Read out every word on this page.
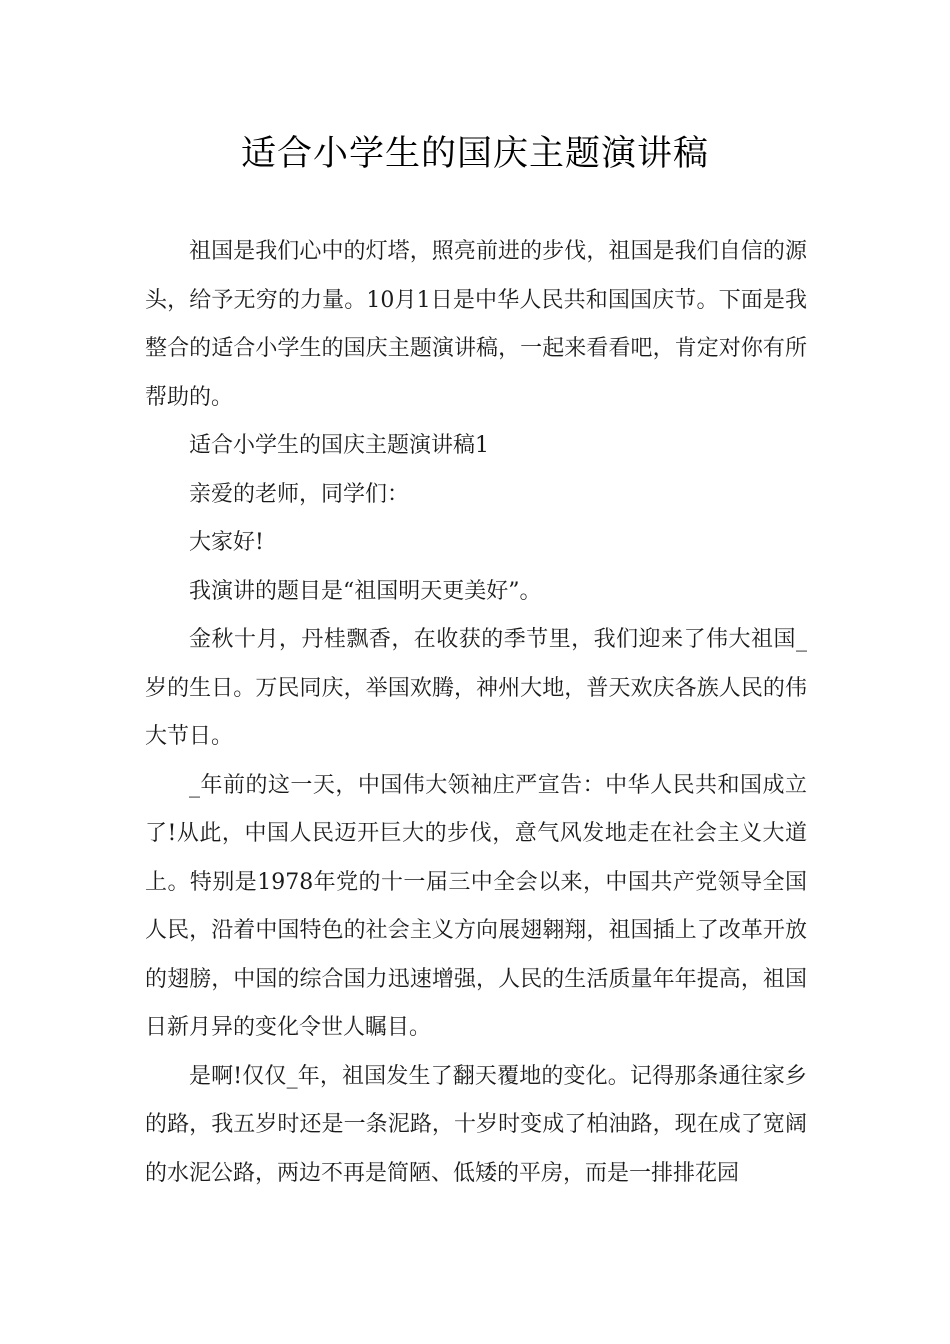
适合小学生的国庆主题演讲稿

祖国是我们心中的灯塔，照亮前进的步伐，祖国是我们自信的源头，给予无穷的力量。10月1日是中华人民共和国国庆节。下面是我整合的适合小学生的国庆主题演讲稿，一起来看看吧，肯定对你有所帮助的。

适合小学生的国庆主题演讲稿1

亲爱的老师，同学们：

大家好!

我演讲的题目是“祖国明天更美好”。

金秋十月，丹桂飘香，在收获的季节里，我们迎来了伟大祖国_岁的生日。万民同庆，举国欢腾，神州大地，普天欢庆各族人民的伟大节日。

_年前的这一天，中国伟大领袖庄严宣告：中华人民共和国成立了!从此，中国人民迈开巨大的步伐，意气风发地走在社会主义大道上。特别是1978年党的十一届三中全会以来，中国共产党领导全国人民，沿着中国特色的社会主义方向展翅翱翔，祖国插上了改革开放的翅膀，中国的综合国力迅速增强，人民的生活质量年年提高，祖国日新月异的变化令世人瞩目。

是啊!仅仅_年，祖国发生了翻天覆地的变化。记得那条通往家乡的路，我五岁时还是一条泥路，十岁时变成了柏油路，现在成了宽阔的水泥公路，两边不再是简陋、低矮的平房，而是一排排花园
